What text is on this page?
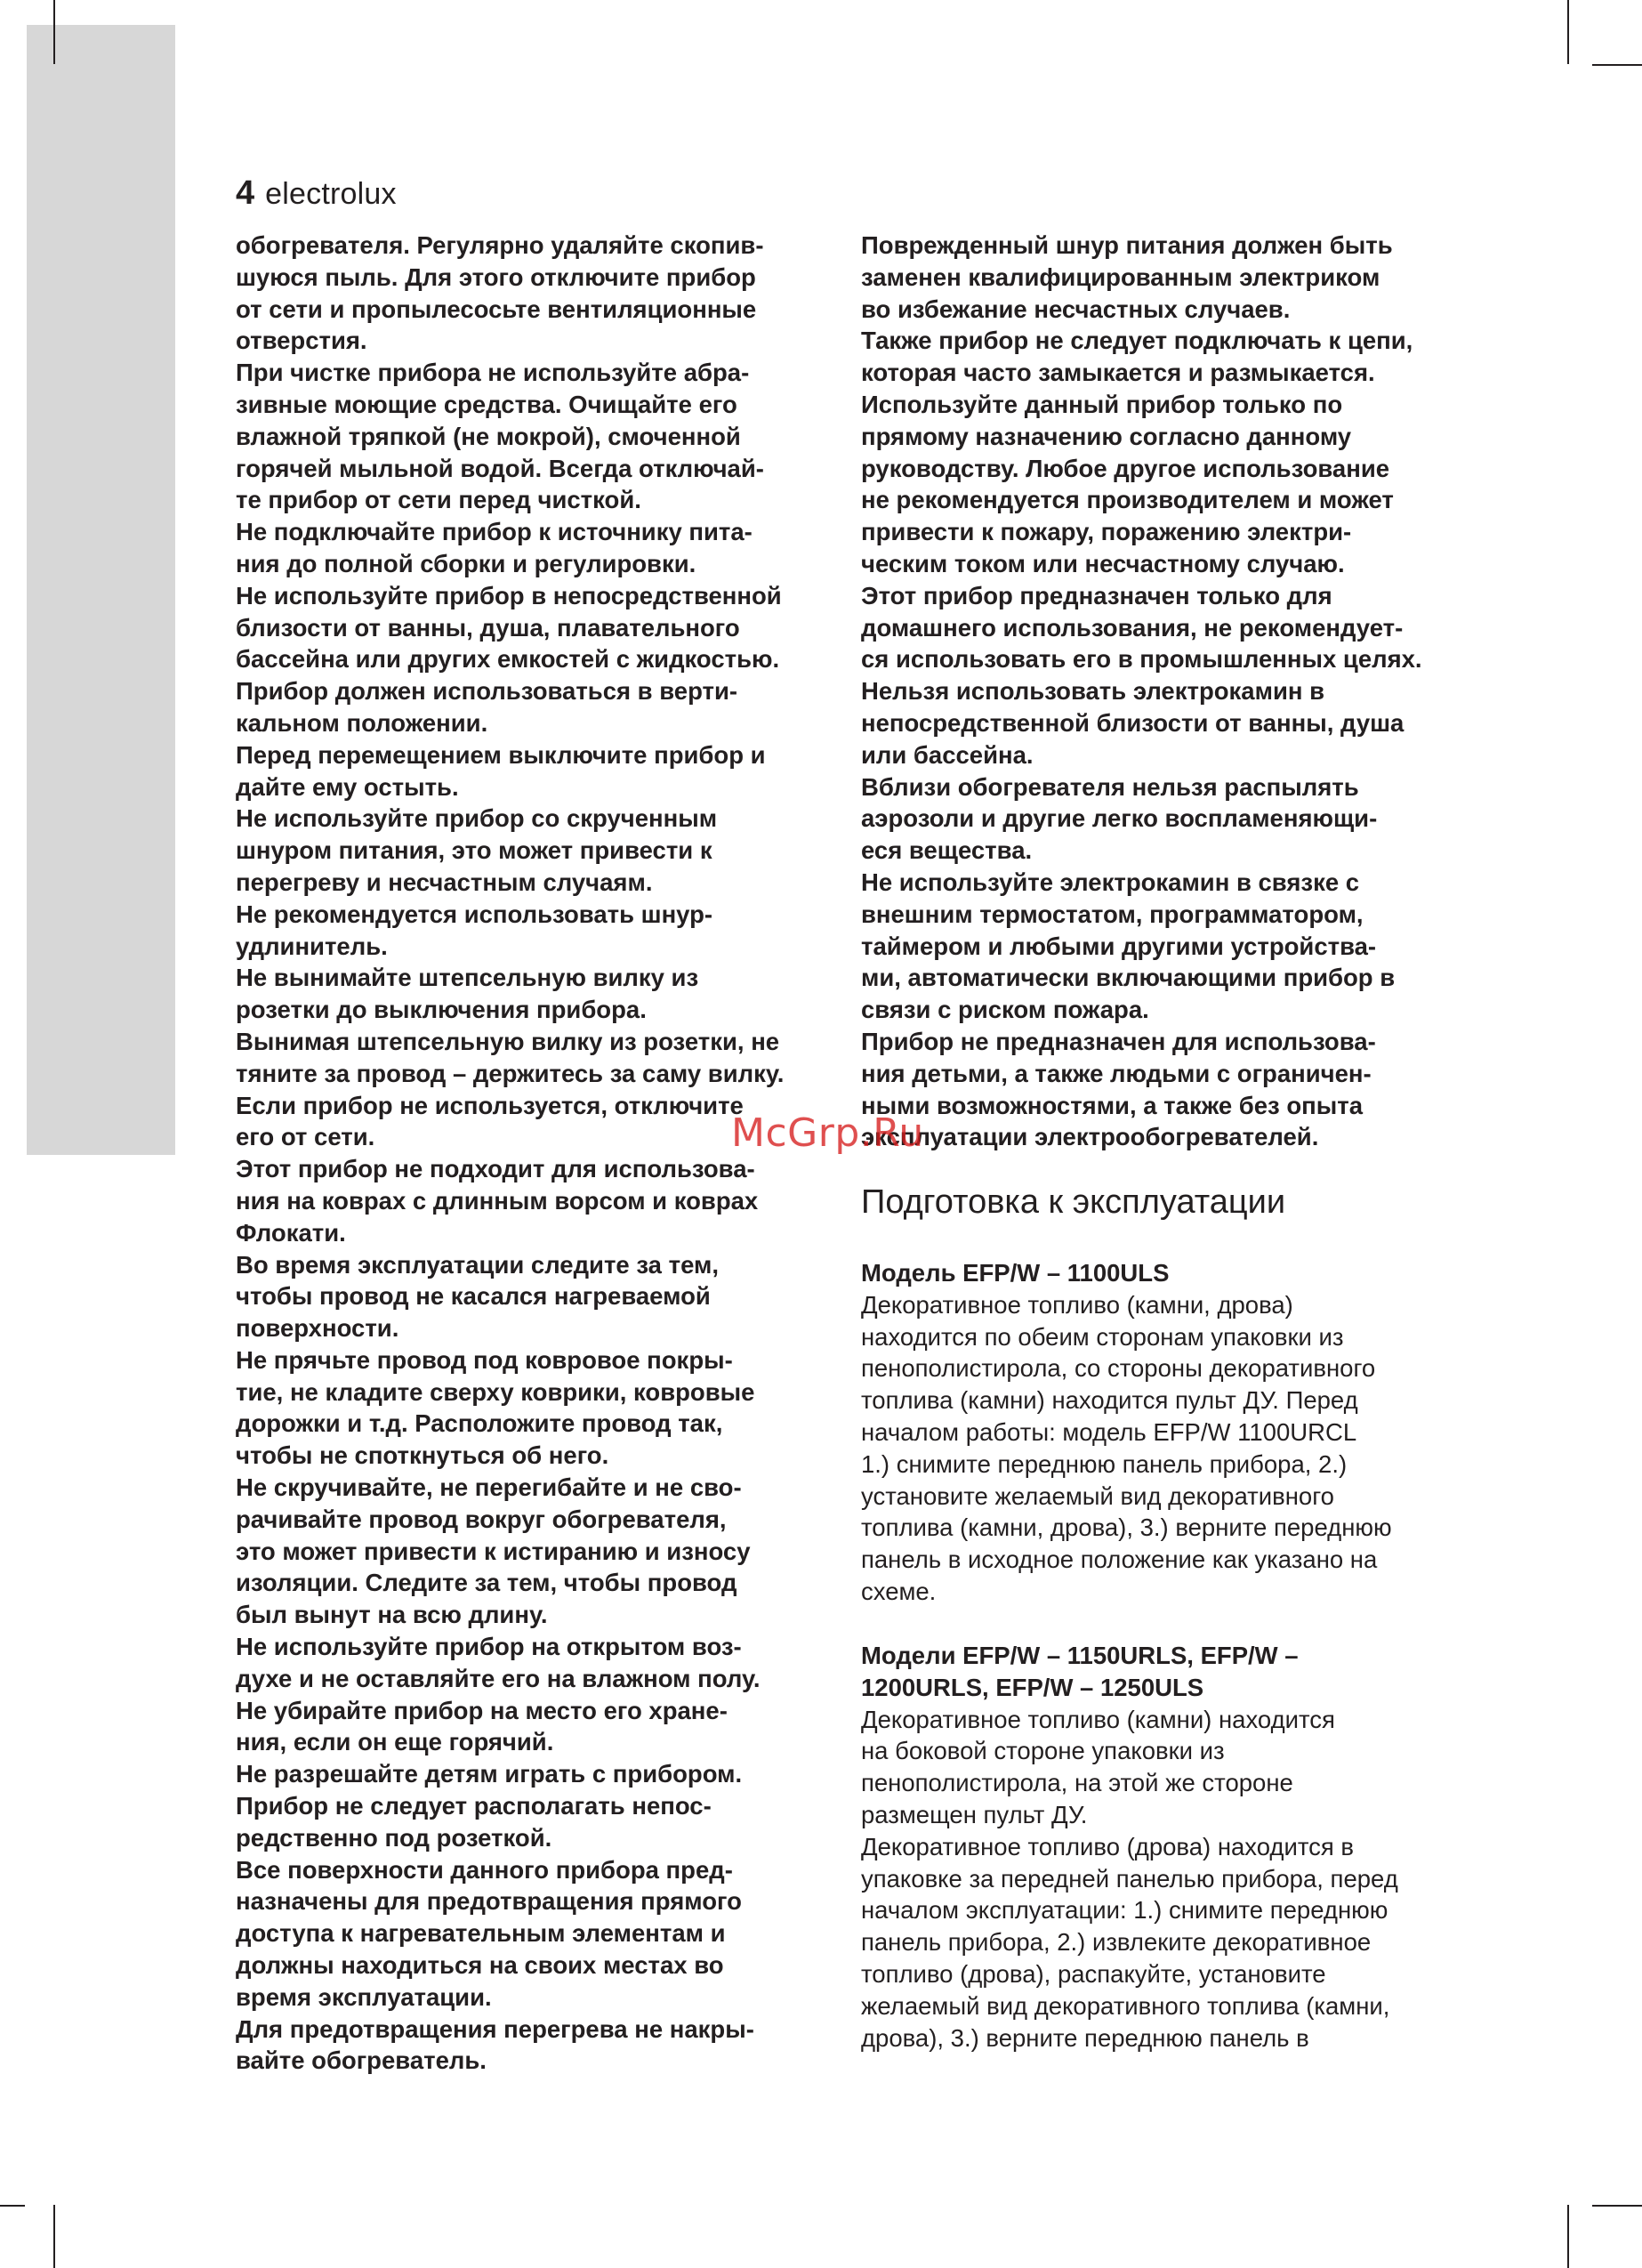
4 electrolux

обогревателя. Регулярно удаляйте скопив-
шуюся пыль. Для этого отключите прибор
от сети и пропылесосьте вентиляционные
отверстия.
При чистке прибора не используйте абра-
зивные моющие средства. Очищайте его
влажной тряпкой (не мокрой), смоченной
горячей мыльной водой. Всегда отключай-
те прибор от сети перед чисткой.
Не подключайте прибор к источнику пита-
ния до полной сборки и регулировки.
Не используйте прибор в непосредственной
близости от ванны, душа, плавательного
бассейна или других емкостей с жидкостью.
Прибор должен использоваться в верти-
кальном положении.
Перед перемещением выключите прибор и
дайте ему остыть.
Не используйте прибор со скрученным
шнуром питания, это может привести к
перегреву и несчастным случаям.
Не рекомендуется использовать шнур-
удлинитель.
Не вынимайте штепсельную вилку из
розетки до выключения прибора.
Вынимая штепсельную вилку из розетки, не
тяните за провод – держитесь за саму вилку.
Если прибор не используется, отключите
его от сети.
Этот прибор не подходит для использова-
ния на коврах с длинным ворсом и коврах
Флокати.
Во время эксплуатации следите за тем,
чтобы провод не касался нагреваемой
поверхности.
Не прячьте провод под ковровое покры-
тие, не кладите сверху коврики, ковровые
дорожки и т.д. Расположите провод так,
чтобы не споткнуться об него.
Не скручивайте, не перегибайте и не сво-
рачивайте провод вокруг обогревателя,
это может привести к истиранию и износу
изоляции. Следите за тем, чтобы провод
был вынут на всю длину.
Не используйте прибор на открытом воз-
духе и не оставляйте его на влажном полу.
Не убирайте прибор на место его хране-
ния, если он еще горячий.
Не разрешайте детям играть с прибором.
Прибор не следует располагать непос-
редственно под розеткой.
Все поверхности данного прибора пред-
назначены для предотвращения прямого
доступа к нагревательным элементам и
должны находиться на своих местах во
время эксплуатации.
Для предотвращения перегрева не накры-
вайте обогреватель.

Поврежденный шнур питания должен быть
заменен квалифицированным электриком
во избежание несчастных случаев.
Также прибор не следует подключать к цепи,
которая часто замыкается и размыкается.
Используйте данный прибор только по
прямому назначению согласно данному
руководству. Любое другое использование
не рекомендуется производителем и может
привести к пожару, поражению электри-
ческим током или несчастному случаю.
Этот прибор предназначен только для
домашнего использования, не рекомендует-
ся использовать его в промышленных целях.
Нельзя использовать электрокамин в
непосредственной близости от ванны, душа
или бассейна.
Вблизи обогревателя нельзя распылять
аэрозоли и другие легко воспламеняющи-
еся вещества.
Не используйте электрокамин в связке с
внешним термостатом, программатором,
таймером и любыми другими устройства-
ми, автоматически включающими прибор в
связи с риском пожара.
Прибор не предназначен для использова-
ния детьми, а также людьми с ограничен-
ными возможностями, а также без опыта
эксплуатации электрообогревателей.

Подготовка к эксплуатации

Модель EFP/W – 1100ULS

Декоративное топливо (камни, дрова)
находится по обеим сторонам упаковки из
пенополистирола, со стороны декоративного
топлива (камни) находится пульт ДУ. Перед
началом работы: модель EFP/W 1100URCL
1.) снимите переднюю панель прибора, 2.)
установите желаемый вид декоративного
топлива (камни, дрова), 3.) верните переднюю
панель в исходное положение как указано на
схеме.

Модели EFP/W – 1150URLS, EFP/W –
1200URLS, EFP/W – 1250ULS

Декоративное топливо (камни) находится
на боковой стороне упаковки из
пенополистирола, на этой же стороне
размещен пульт ДУ.
Декоративное топливо (дрова) находится в
упаковке за передней панелью прибора, перед
началом эксплуатации: 1.) снимите переднюю
панель прибора, 2.) извлеките декоративное
топливо (дрова), распакуйте, установите
желаемый вид декоративного топлива (камни,
дрова), 3.) верните переднюю панель в

McGrp.Ru
